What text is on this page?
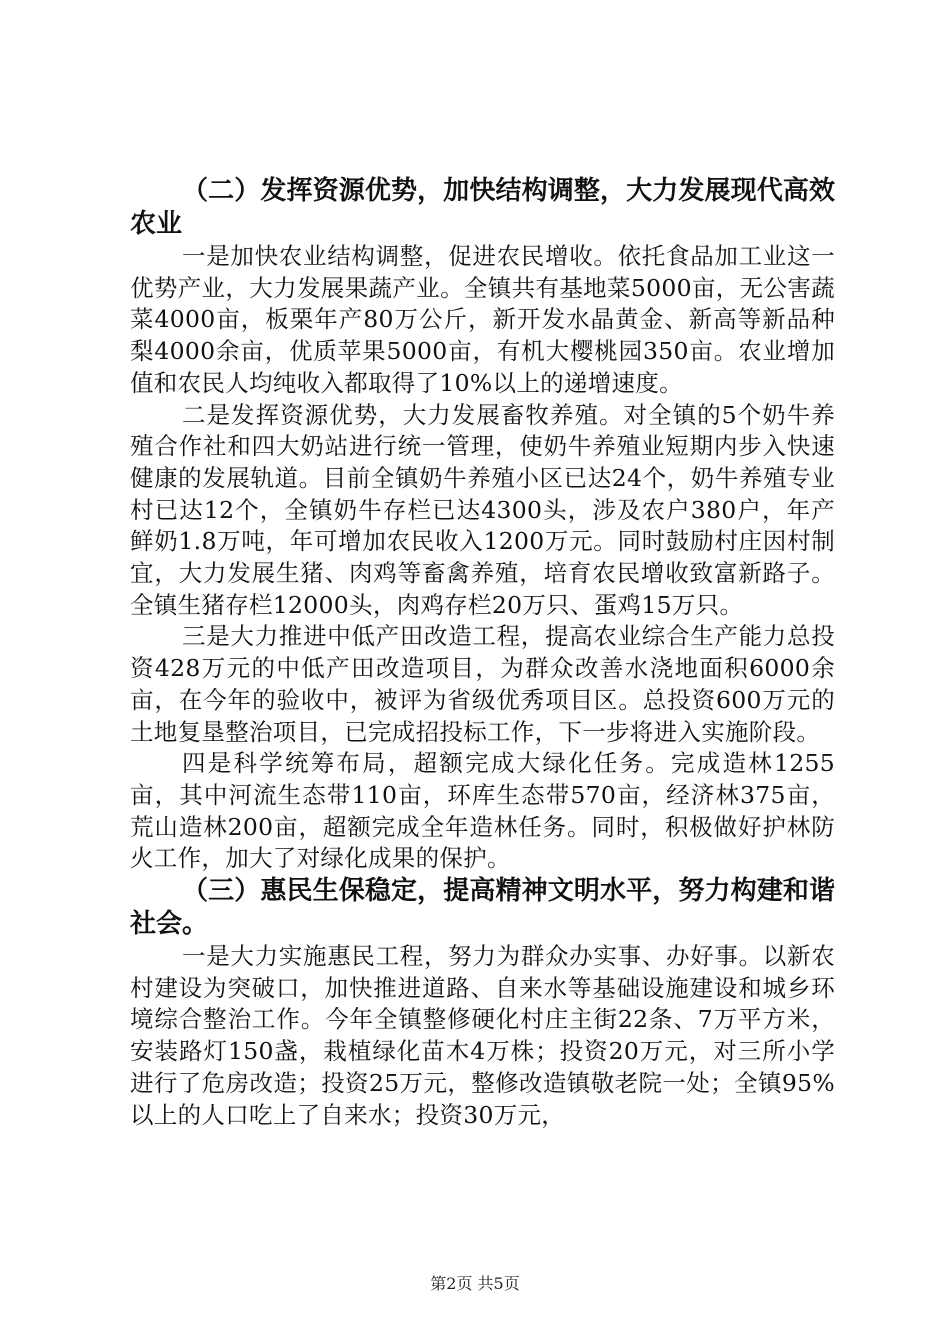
（二）发挥资源优势，加快结构调整，大力发展现代高效农业

一是加快农业结构调整，促进农民增收。依托食品加工业这一优势产业，大力发展果蔬产业。全镇共有基地菜5000亩，无公害蔬菜4000亩，板栗年产80万公斤，新开发水晶黄金、新高等新品种梨4000余亩，优质苹果5000亩，有机大樱桃园350亩。农业增加值和农民人均纯收入都取得了10%以上的递增速度。

二是发挥资源优势，大力发展畜牧养殖。对全镇的5个奶牛养殖合作社和四大奶站进行统一管理，使奶牛养殖业短期内步入快速健康的发展轨道。目前全镇奶牛养殖小区已达24个，奶牛养殖专业村已达12个，全镇奶牛存栏已达4300头，涉及农户380户，年产鲜奶1.8万吨，年可增加农民收入1200万元。同时鼓励村庄因村制宜，大力发展生猪、肉鸡等畜禽养殖，培育农民增收致富新路子。全镇生猪存栏12000头，肉鸡存栏20万只、蛋鸡15万只。

三是大力推进中低产田改造工程，提高农业综合生产能力总投资428万元的中低产田改造项目，为群众改善水浇地面积6000余亩，在今年的验收中，被评为省级优秀项目区。总投资600万元的土地复垦整治项目，已完成招投标工作，下一步将进入实施阶段。

四是科学统筹布局，超额完成大绿化任务。完成造林1255亩，其中河流生态带110亩，环库生态带570亩，经济林375亩，荒山造林200亩，超额完成全年造林任务。同时，积极做好护林防火工作，加大了对绿化成果的保护。

（三）惠民生保稳定，提高精神文明水平，努力构建和谐社会。

一是大力实施惠民工程，努力为群众办实事、办好事。以新农村建设为突破口，加快推进道路、自来水等基础设施建设和城乡环境综合整治工作。今年全镇整修硬化村庄主街22条、7万平方米，安装路灯150盏，栽植绿化苗木4万株；投资20万元，对三所小学进行了危房改造；投资25万元，整修改造镇敬老院一处；全镇95%以上的人口吃上了自来水；投资30万元，

第2页 共5页
